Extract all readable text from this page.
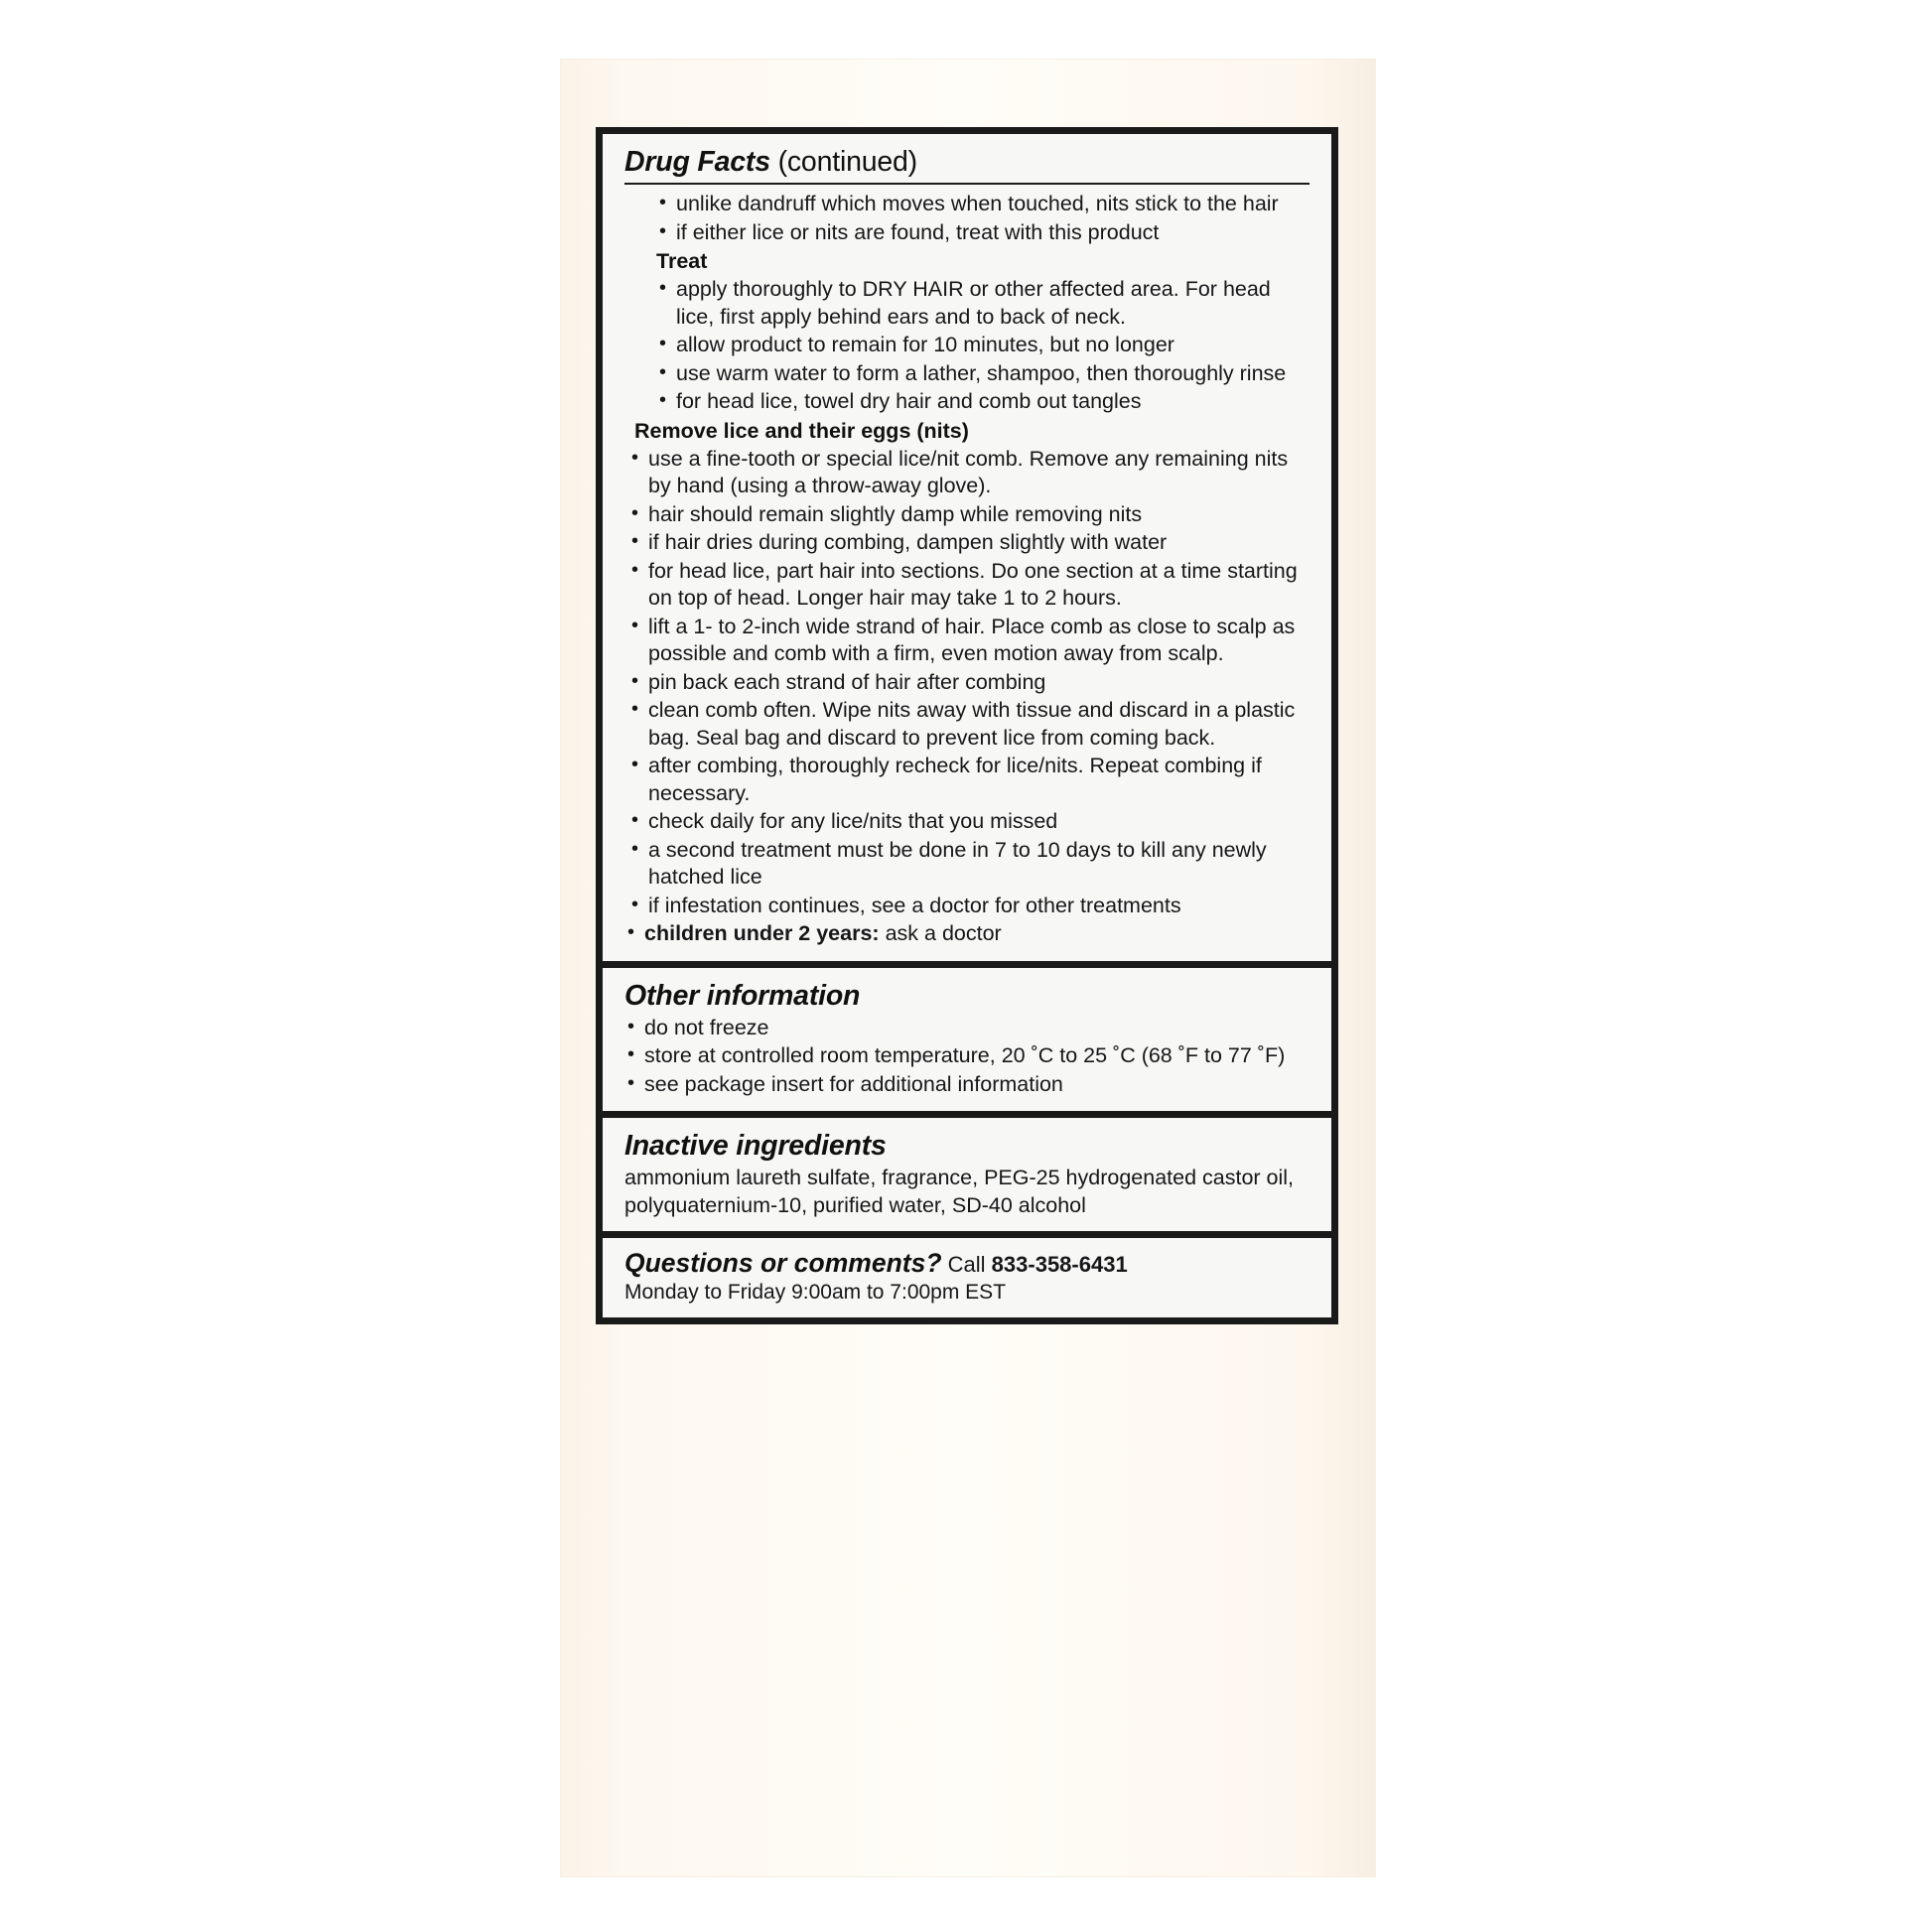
Drug Facts (continued)
• unlike dandruff which moves when touched, nits stick to the hair
• if either lice or nits are found, treat with this product
Treat
• apply thoroughly to DRY HAIR or other affected area. For head lice, first apply behind ears and to back of neck.
• allow product to remain for 10 minutes, but no longer
• use warm water to form a lather, shampoo, then thoroughly rinse
• for head lice, towel dry hair and comb out tangles
Remove lice and their eggs (nits)
• use a fine-tooth or special lice/nit comb. Remove any remaining nits by hand (using a throw-away glove).
• hair should remain slightly damp while removing nits
• if hair dries during combing, dampen slightly with water
• for head lice, part hair into sections. Do one section at a time starting on top of head. Longer hair may take 1 to 2 hours.
• lift a 1- to 2-inch wide strand of hair. Place comb as close to scalp as possible and comb with a firm, even motion away from scalp.
• pin back each strand of hair after combing
• clean comb often. Wipe nits away with tissue and discard in a plastic bag. Seal bag and discard to prevent lice from coming back.
• after combing, thoroughly recheck for lice/nits. Repeat combing if necessary.
• check daily for any lice/nits that you missed
• a second treatment must be done in 7 to 10 days to kill any newly hatched lice
• if infestation continues, see a doctor for other treatments
• children under 2 years: ask a doctor
Other information
• do not freeze
• store at controlled room temperature, 20 ˚C to 25 ˚C (68 ˚F to 77 ˚F)
• see package insert for additional information
Inactive ingredients
ammonium laureth sulfate, fragrance, PEG-25 hydrogenated castor oil, polyquaternium-10, purified water, SD-40 alcohol
Questions or comments? Call 833-358-6431
Monday to Friday 9:00am to 7:00pm EST
